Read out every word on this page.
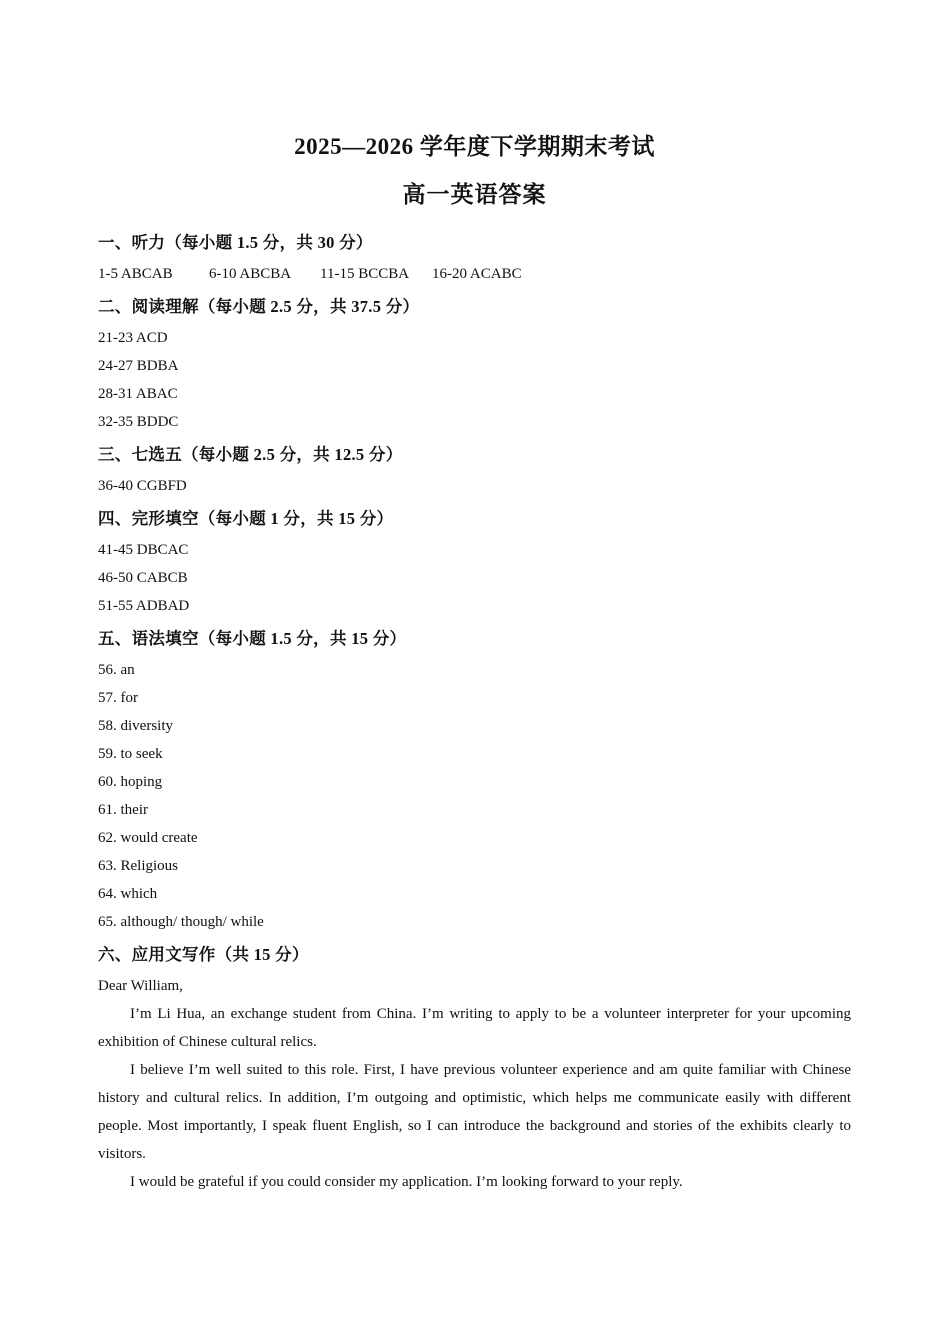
2025—2026 学年度下学期期末考试
高一英语答案
一、听力（每小题 1.5 分，共 30 分）
1-5 ABCAB 6-10 ABCBA 11-15 BCCBA 16-20 ACABC
二、阅读理解（每小题 2.5 分，共 37.5 分）
21-23 ACD
24-27 BDBA
28-31 ABAC
32-35 BDDC
三、七选五（每小题 2.5 分，共 12.5 分）
36-40 CGBFD
四、完形填空（每小题 1 分，共 15 分）
41-45 DBCAC
46-50 CABCB
51-55 ADBAD
五、语法填空（每小题 1.5 分，共 15 分）
56. an
57. for
58. diversity
59. to seek
60. hoping
61. their
62. would create
63. Religious
64. which
65. although/ though/ while
六、应用文写作（共 15 分）

Dear William,

I’m Li Hua, an exchange student from China. I’m writing to apply to be a volunteer interpreter for your upcoming exhibition of Chinese cultural relics.

I believe I’m well suited to this role. First, I have previous volunteer experience and am quite familiar with Chinese history and cultural relics. In addition, I’m outgoing and optimistic, which helps me communicate easily with different people. Most importantly, I speak fluent English, so I can introduce the background and stories of the exhibits clearly to visitors.

I would be grateful if you could consider my application. I’m looking forward to your reply.
